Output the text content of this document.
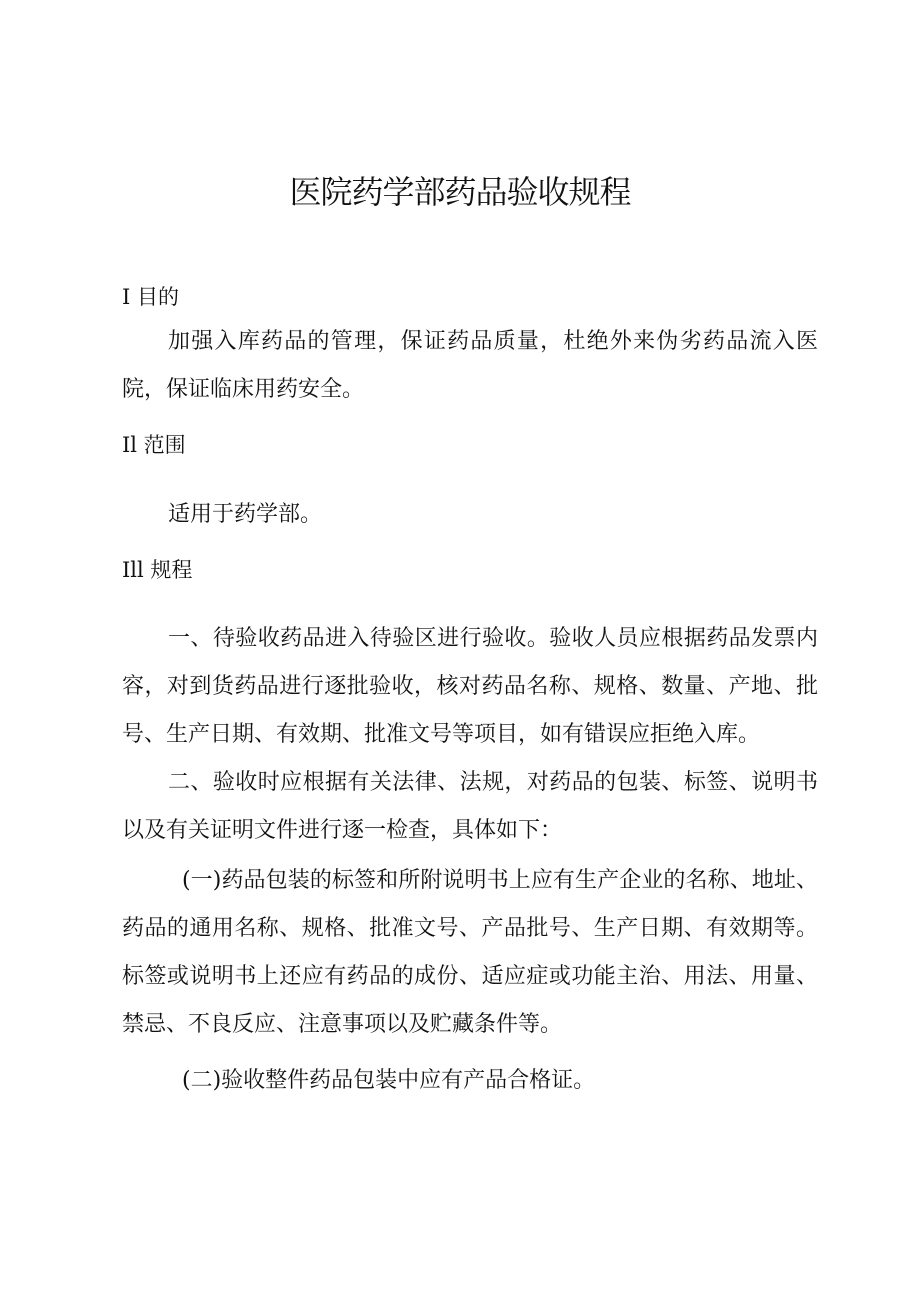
医院药学部药品验收规程
I 目的

加强入库药品的管理，保证药品质量，杜绝外来伪劣药品流入医院，保证临床用药安全。

Il 范围

适用于药学部。

Ill 规程

一、待验收药品进入待验区进行验收。验收人员应根据药品发票内容，对到货药品进行逐批验收，核对药品名称、规格、数量、产地、批号、生产日期、有效期、批准文号等项目，如有错误应拒绝入库。

二、验收时应根据有关法律、法规，对药品的包装、标签、说明书以及有关证明文件进行逐一检查，具体如下：

(一)药品包装的标签和所附说明书上应有生产企业的名称、地址、药品的通用名称、规格、批准文号、产品批号、生产日期、有效期等。标签或说明书上还应有药品的成份、适应症或功能主治、用法、用量、禁忌、不良反应、注意事项以及贮藏条件等。

(二)验收整件药品包装中应有产品合格证。
